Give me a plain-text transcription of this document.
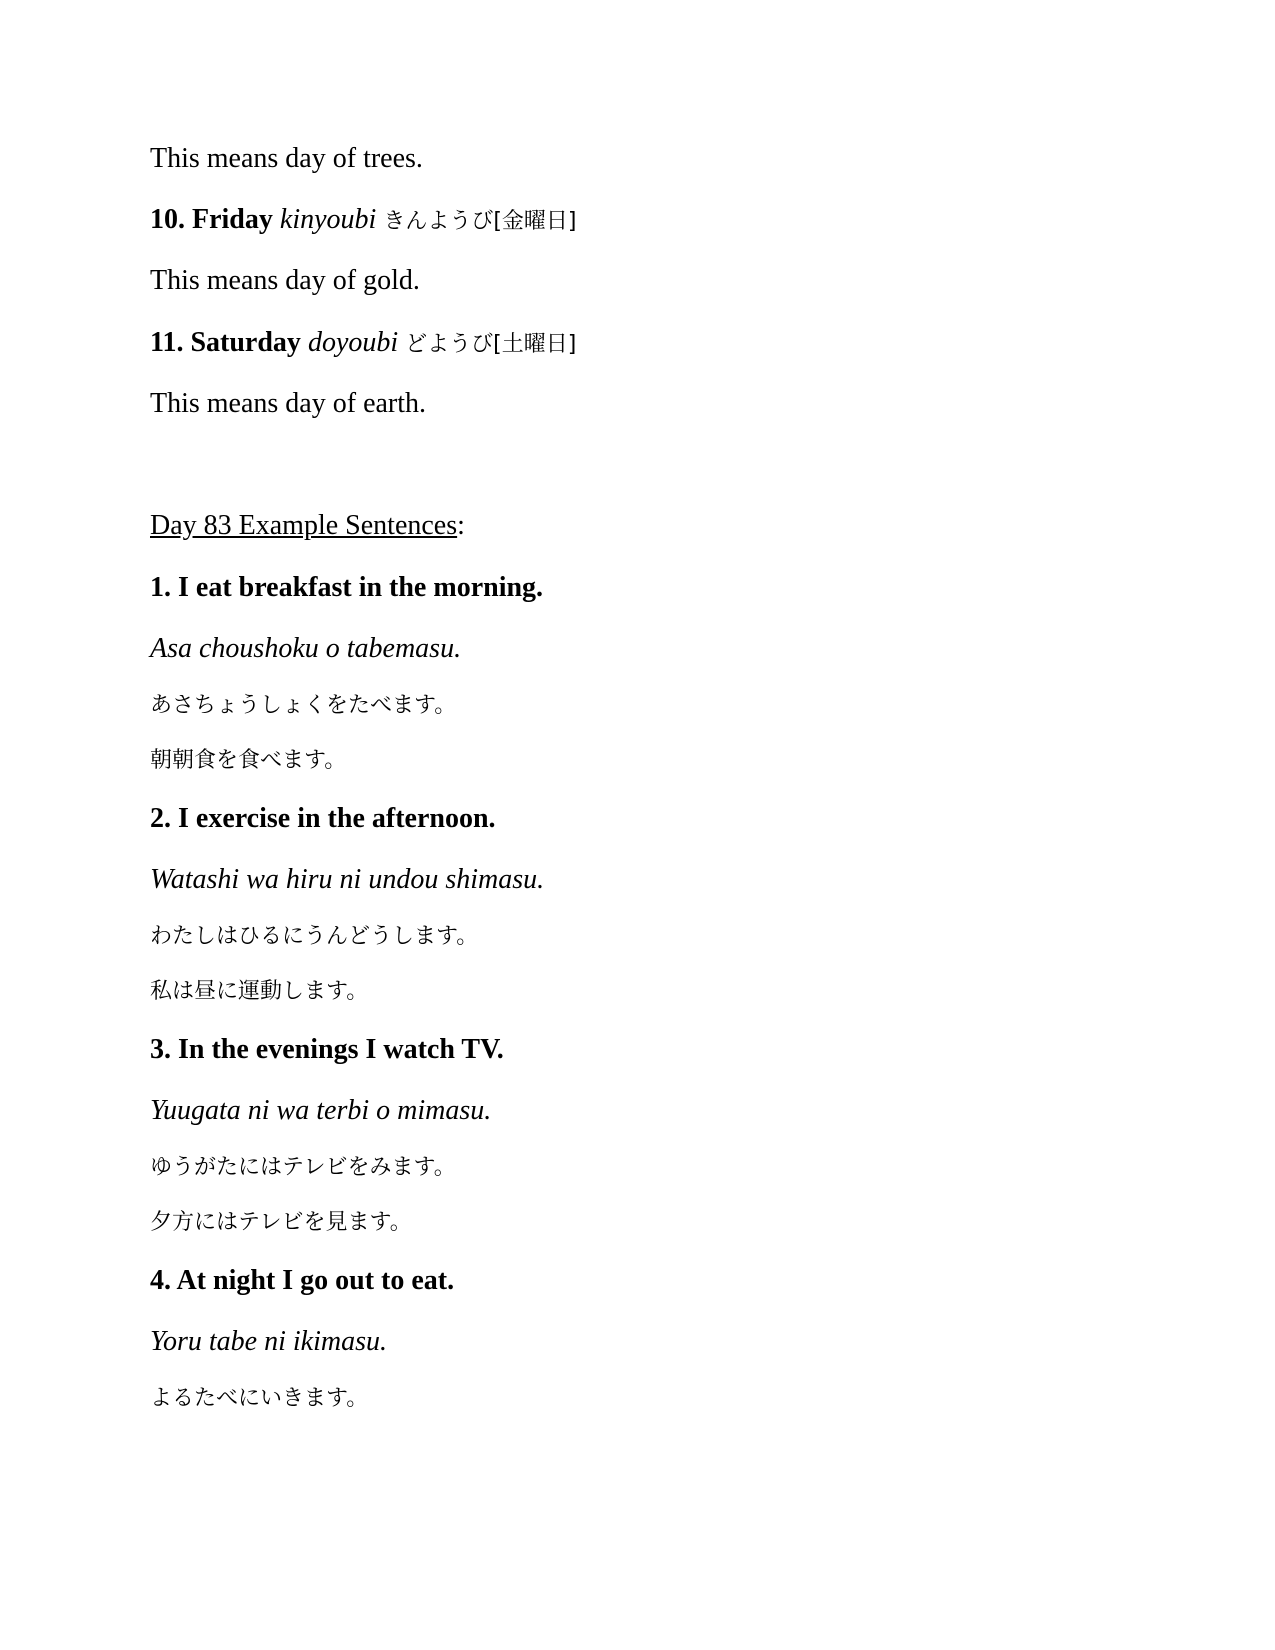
This means day of trees.
10. Friday kinyoubi きんようび[金曜日]
This means day of gold.
11. Saturday doyoubi どようび[土曜日]
This means day of earth.
Day 83 Example Sentences:
1. I eat breakfast in the morning.
Asa choushoku o tabemasu.
あさちょうしょくをたべます。
朝朝食を食べます。
2. I exercise in the afternoon.
Watashi wa hiru ni undou shimasu.
わたしはひるにうんどうします。
私は昼に運動します。
3. In the evenings I watch TV.
Yuugata ni wa terbi o mimasu.
ゆうがたにはテレビをみます。
夕方にはテレビを見ます。
4. At night I go out to eat.
Yoru tabe ni ikimasu.
よるたべにいきます。
